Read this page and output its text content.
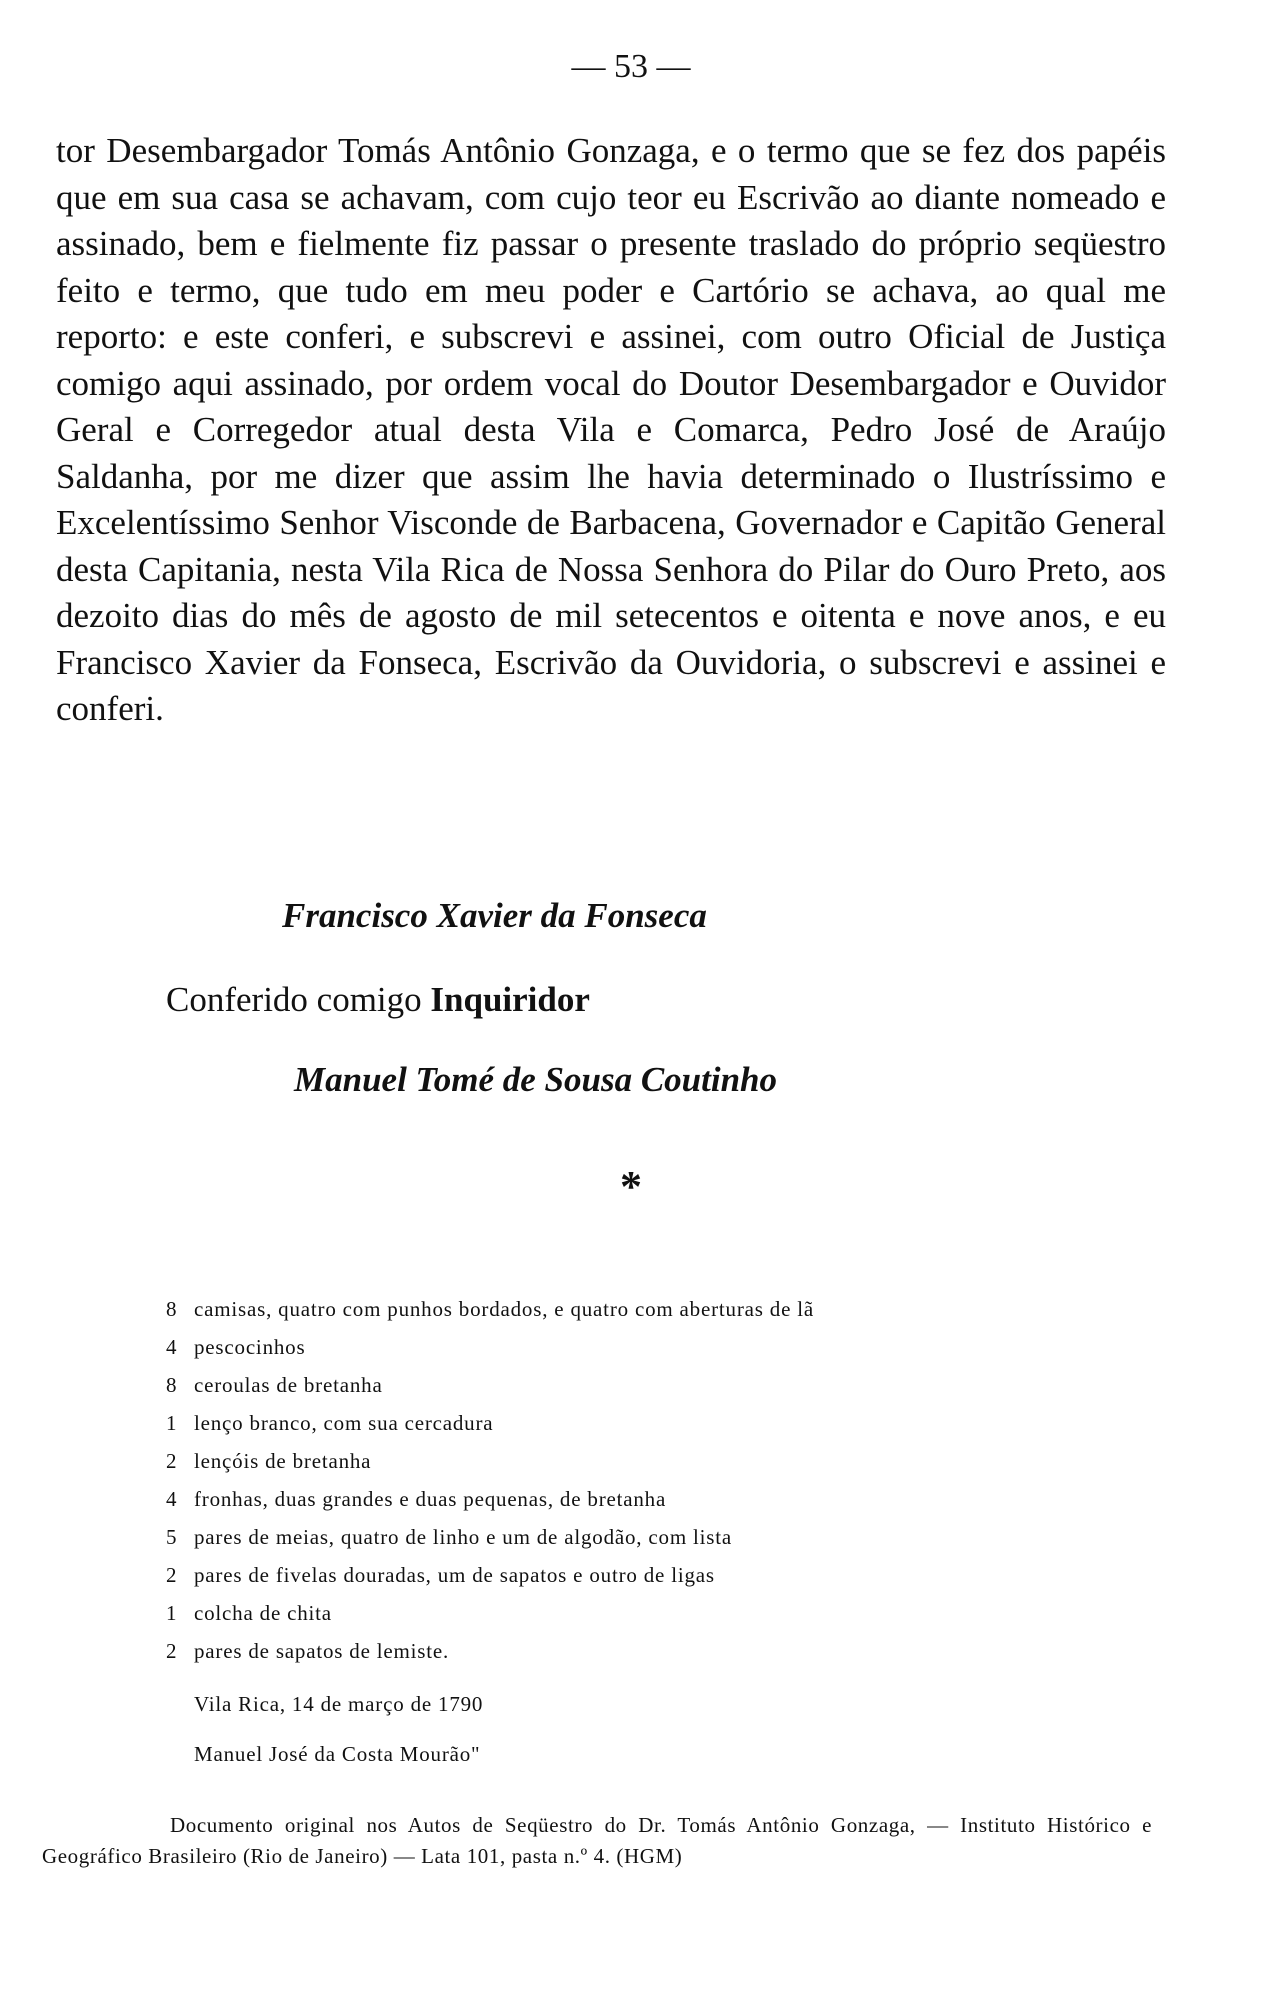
— 53 —

tor Desembargador Tomás Antônio Gonzaga, e o termo que se fez dos papéis que em sua casa se achavam, com cujo teor eu Escrivão ao diante nomeado e assinado, bem e fielmente fiz passar o presente traslado do próprio seqüestro feito e termo, que tudo em meu poder e Cartório se achava, ao qual me reporto: e este conferi, e subscrevi e assinei, com outro Oficial de Justiça comigo aqui assinado, por ordem vocal do Doutor Desembargador e Ouvidor Geral e Corregedor atual desta Vila e Comarca, Pedro José de Araújo Saldanha, por me dizer que assim lhe havia determinado o Ilustríssimo e Excelentíssimo Senhor Visconde de Barbacena, Governador e Capitão General desta Capitania, nesta Vila Rica de Nossa Senhora do Pilar do Ouro Preto, aos dezoito dias do mês de agosto de mil setecentos e oitenta e nove anos, e eu Francisco Xavier da Fonseca, Escrivão da Ouvidoria, o subscrevi e assinei e conferi.

Francisco Xavier da Fonseca
Conferido comigo Inquiridor
Manuel Tomé de Sousa Coutinho
*
8 camisas, quatro com punhos bordados, e quatro com aberturas de lã
4 pescocinhos
8 ceroulas de bretanha
1 lenço branco, com sua cercadura
2 lençóis de bretanha
4 fronhas, duas grandes e duas pequenas, de bretanha
5 pares de meias, quatro de linho e um de algodão, com lista
2 pares de fivelas douradas, um de sapatos e outro de ligas
1 colcha de chita
2 pares de sapatos de lemiste.
Vila Rica, 14 de março de 1790
Manuel José da Costa Mourão"

Documento original nos Autos de Seqüestro do Dr. Tomás Antônio Gonzaga, — Instituto Histórico e Geográfico Brasileiro (Rio de Janeiro) — Lata 101, pasta n.º 4. (HGM)
